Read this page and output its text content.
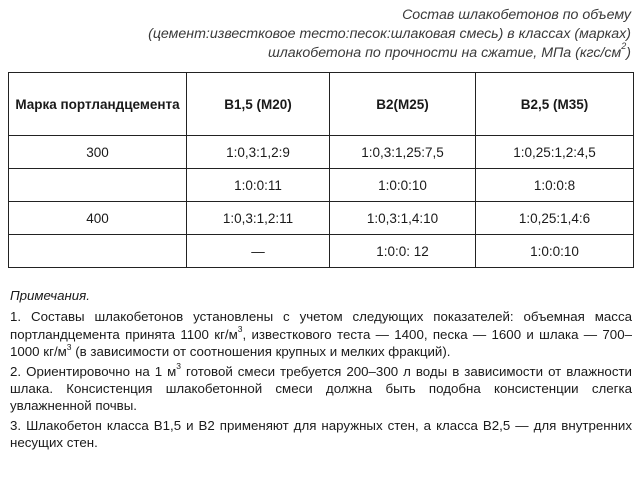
Состав шлакобетонов по объему
(цемент:известковое тесто:песок:шлаковая смесь) в классах (марках)
шлакобетона по прочности на сжатие, МПа $(кгс/см^2)$
Марка портландцемента	В1,5 (М20)	В2(М25)	В2,5 (М35)
300	1:0,3:1,2:9	1:0,3:1,25:7,5	1:0,25:1,2:4,5
	1:0:0:11	1:0:0:10	1:0:0:8
400	1:0,3:1,2:11	1:0,3:1,4:10	1:0,25:1,4:6
	—	1:0:0: 12	1:0:0:10
Примечания.

1. Составы шлакобетонов установлены с учетом следующих показателей: объемная масса портландцемента принята 1100 $кг/м^3$, известкового теста — 1400, песка — 1600 и шлака — 700–1000 $кг/м^3$ (в зависимости от соотношения крупных и мелких фракций).

2. Ориентировочно на 1 $м^3$ готовой смеси требуется 200–300 л воды в зависимости от влажности шлака. Консистенция шлакобетонной смеси должна быть подобна консистенции слегка увлажненной почвы.

3. Шлакобетон класса В1,5 и В2 применяют для наружных стен, а класса В2,5 — для внутренних несущих стен.
